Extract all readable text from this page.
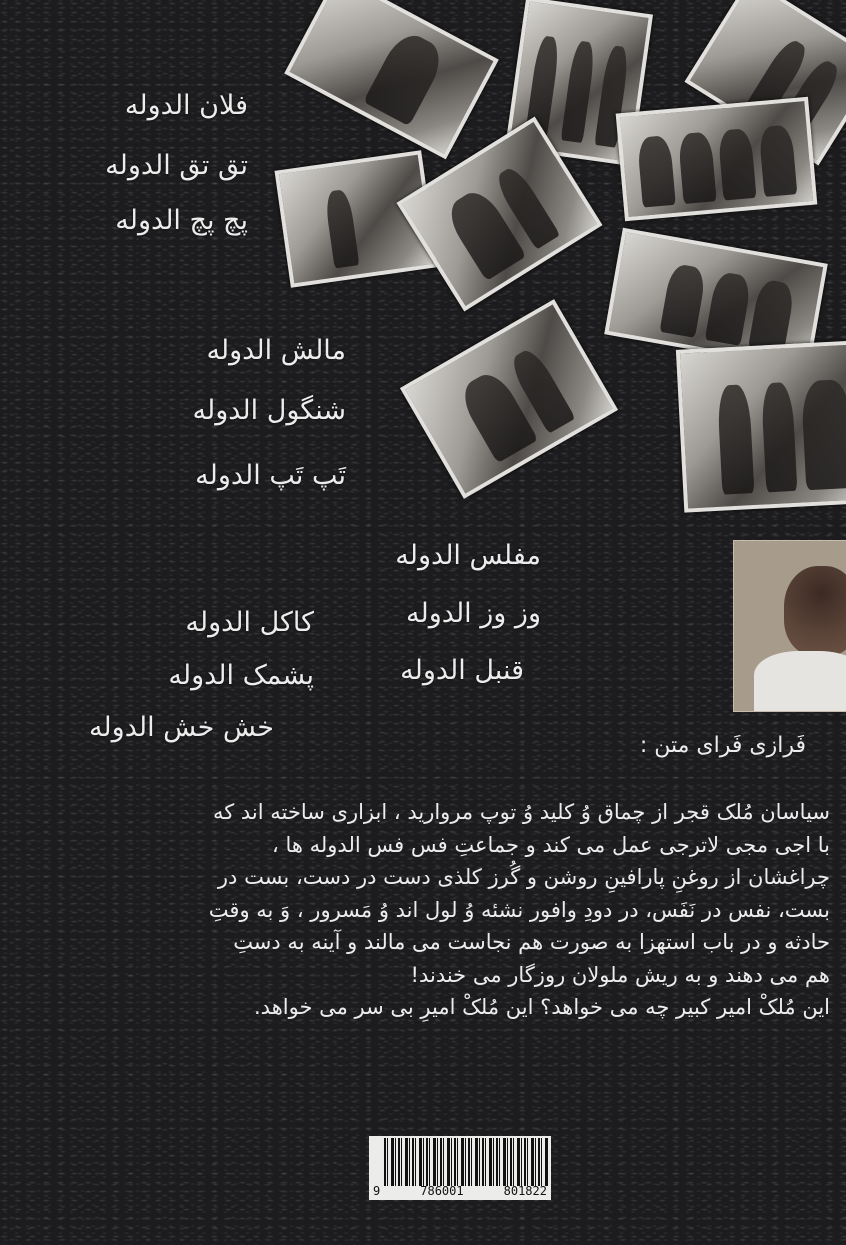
فلان الدوله
تق تق الدوله
پچ پچ الدوله
مالش الدوله
شنگول الدوله
تَپ تَپ الدوله
مفلس الدوله
وز وز الدوله
قنبل الدوله
کاکل الدوله
پشمک الدوله
خش خش الدوله
فَرازی فَرای متن :

سیاسان مُلک قجر از چماق وُ کلید وُ توپ مروارید ، ابزاری ساخته اند که

با اجی مجی لاترجی عمل می کند و جماعتِ فس فس الدوله ها ،

چراغشان از روغنِ پارافینِ روشن و گُرز کلذی دست در دست، بست در

بست، نفس در نَفَس، در دودِ وافور نشئه وُ لول اند وُ مَسرور ، وَ به وقتِ

حادثه و در باب استهزا به صورت هم نجاست می مالند و آینه به دستِ

هم می دهند و به ریش ملولان روزگار می خندند!

این مُلکْ امیر کبیر چه می خواهد؟ این مُلکْ امیرِ بی سر می خواهد.

9	786001	801822
